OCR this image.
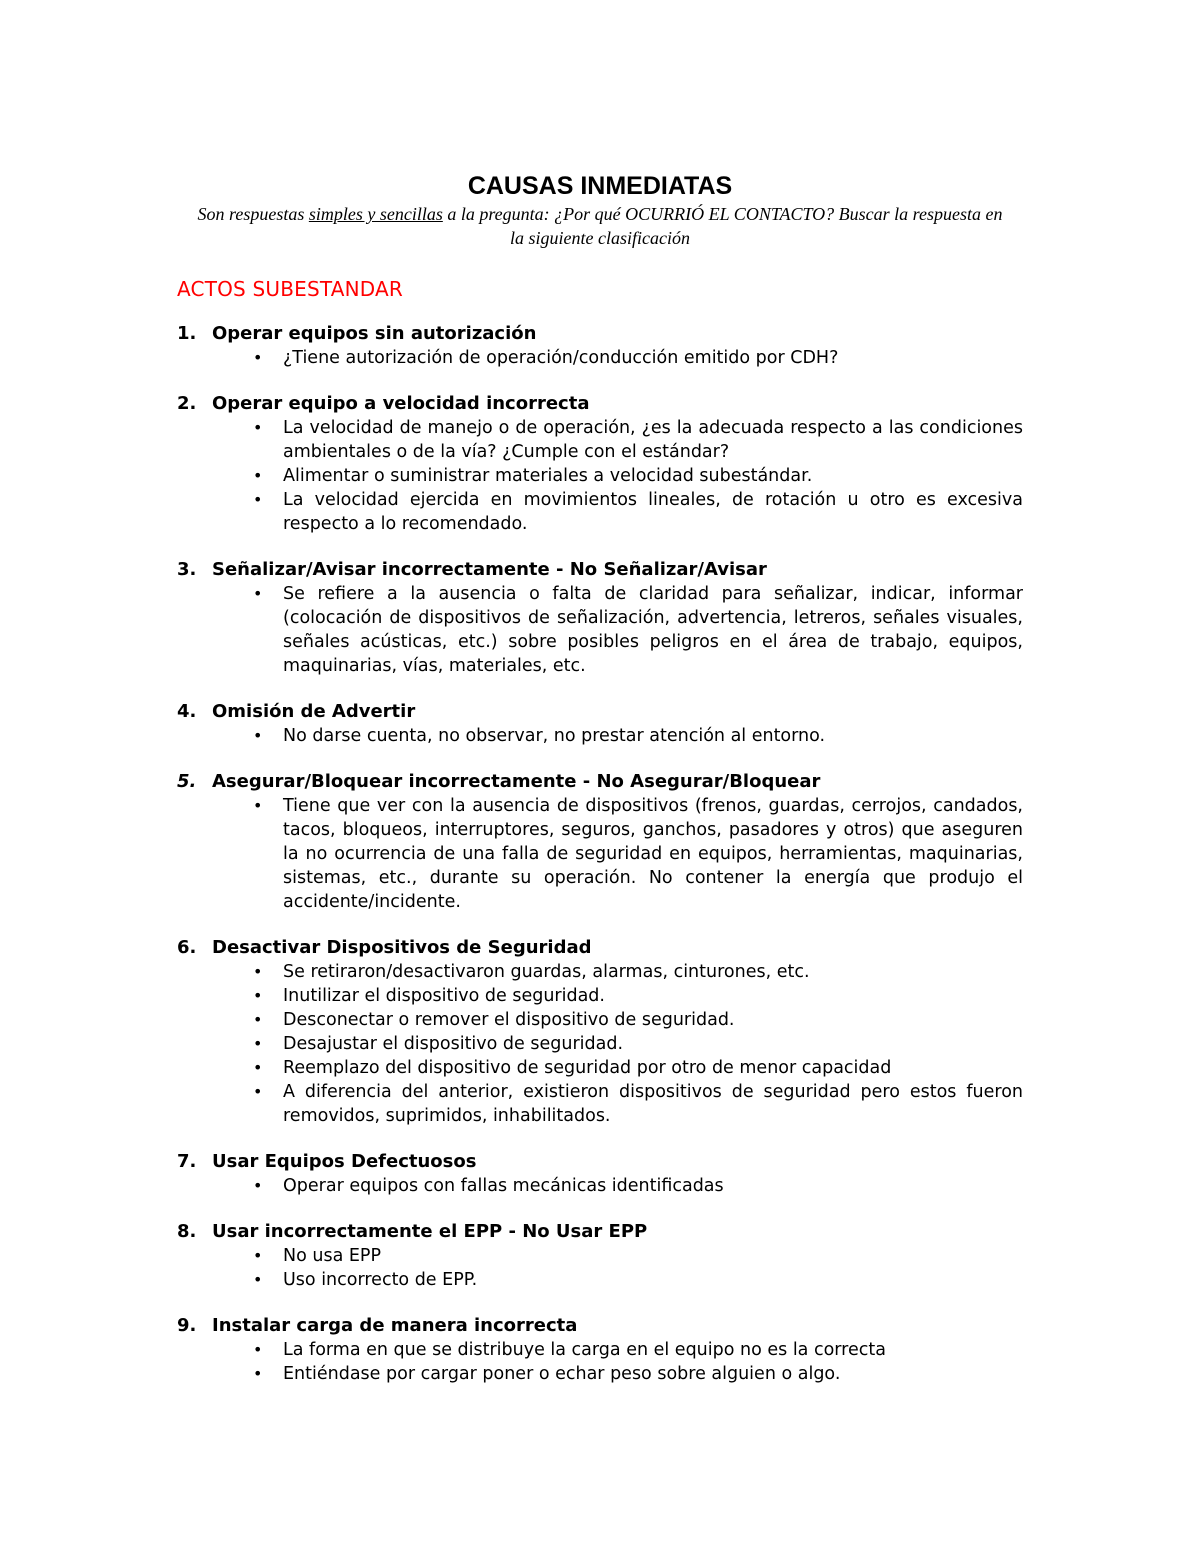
CAUSAS INMEDIATAS
Son respuestas simples y sencillas a la pregunta: ¿Por qué OCURRIÓ EL CONTACTO? Buscar la respuesta en la siguiente clasificación
ACTOS SUBESTANDAR
1. Operar equipos sin autorización
• ¿Tiene autorización de operación/conducción emitido por CDH?
2. Operar equipo a velocidad incorrecta
• La velocidad de manejo o de operación, ¿es la adecuada respecto a las condiciones ambientales o de la vía? ¿Cumple con el estándar?
• Alimentar o suministrar materiales a velocidad subestándar.
• La velocidad ejercida en movimientos lineales, de rotación u otro es excesiva respecto a lo recomendado.
3. Señalizar/Avisar incorrectamente - No Señalizar/Avisar
• Se refiere a la ausencia o falta de claridad para señalizar, indicar, informar (colocación de dispositivos de señalización, advertencia, letreros, señales visuales, señales acústicas, etc.) sobre posibles peligros en el área de trabajo, equipos, maquinarias, vías, materiales, etc.
4. Omisión de Advertir
• No darse cuenta, no observar, no prestar atención al entorno.
5. Asegurar/Bloquear incorrectamente - No Asegurar/Bloquear
• Tiene que ver con la ausencia de dispositivos (frenos, guardas, cerrojos, candados, tacos, bloqueos, interruptores, seguros, ganchos, pasadores y otros) que aseguren la no ocurrencia de una falla de seguridad en equipos, herramientas, maquinarias, sistemas, etc., durante su operación. No contener la energía que produjo el accidente/incidente.
6. Desactivar Dispositivos de Seguridad
• Se retiraron/desactivaron guardas, alarmas, cinturones, etc.
• Inutilizar el dispositivo de seguridad.
• Desconectar o remover el dispositivo de seguridad.
• Desajustar el dispositivo de seguridad.
• Reemplazo del dispositivo de seguridad por otro de menor capacidad
• A diferencia del anterior, existieron dispositivos de seguridad pero estos fueron removidos, suprimidos, inhabilitados.
7. Usar Equipos Defectuosos
• Operar equipos con fallas mecánicas identificadas
8. Usar incorrectamente el EPP - No Usar EPP
• No usa EPP
• Uso incorrecto de EPP.
9. Instalar carga de manera incorrecta
• La forma en que se distribuye la carga en el equipo no es la correcta
• Entiéndase por cargar poner o echar peso sobre alguien o algo.
